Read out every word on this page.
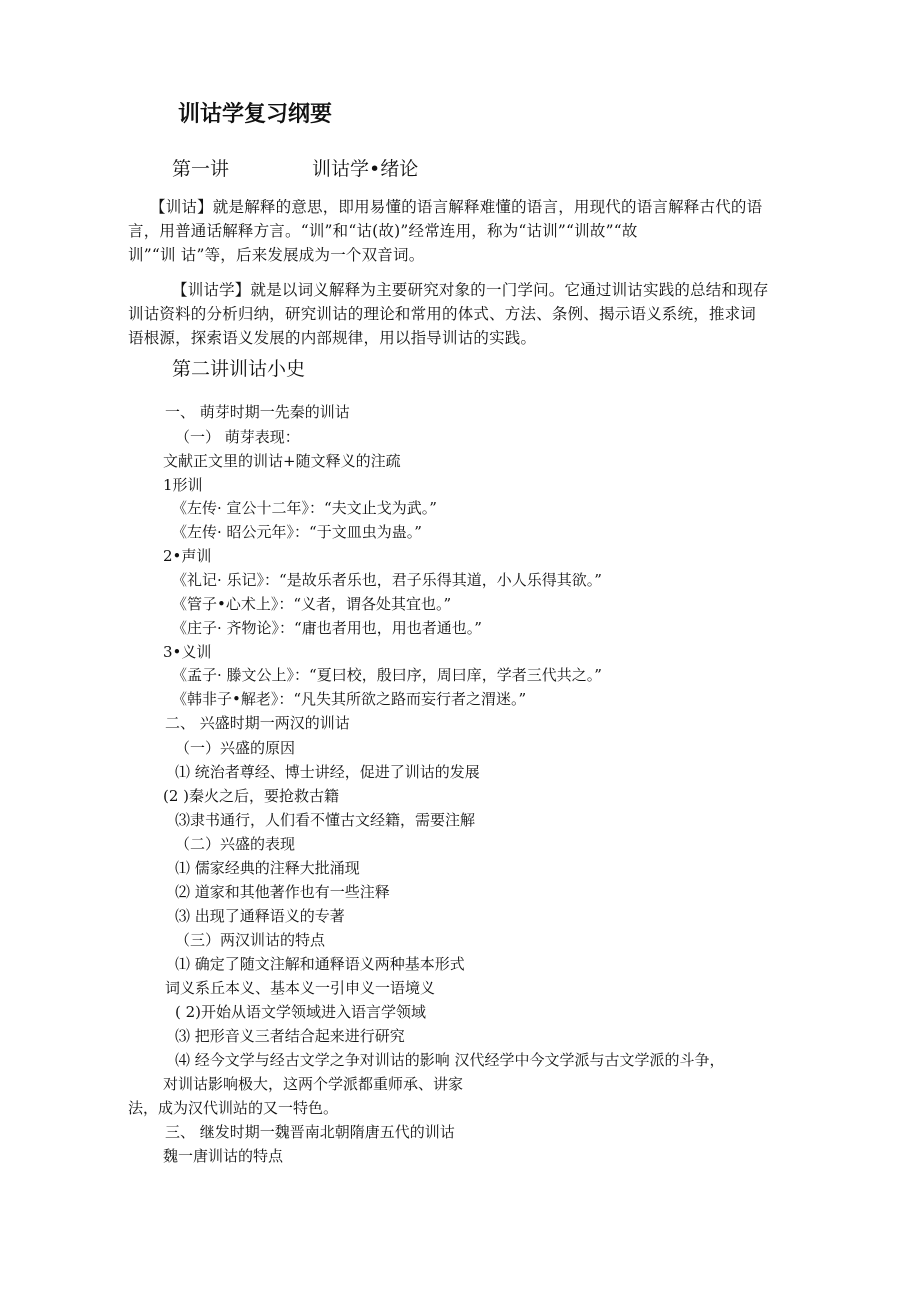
训诂学复习纲要
第一讲	训诂学•绪论
【训诂】就是解释的意思，即用易懂的语言解释难懂的语言，用现代的语言解释古代的语
言，用普通话解释方言。“训”和“诂(故)”经常连用，称为“诂训”“训故”“故
训”“训 诂”等，后来发展成为一个双音词。
【训诂学】就是以词义解释为主要研究对象的一门学问。它通过训诂实践的总结和现存
训诂资料的分析归纳，研究训诂的理论和常用的体式、方法、条例、揭示语义系统，推求词
语根源，探索语义发展的内部规律，用以指导训诂的实践。
第二讲训诂小史
一、 萌芽时期一先秦的训诂
（一） 萌芽表现：
文献正文里的训诂+随文释义的注疏
1形训
《左传· 宣公十二年》：“夫文止戈为武。”
《左传· 昭公元年》：“于文皿虫为蛊。”
2•声训
《礼记· 乐记》：“是故乐者乐也，君子乐得其道，小人乐得其欲。”
《管子•心术上》：“义者，谓各处其宜也。”
《庄子· 齐物论》：“庸也者用也，用也者通也。”
3•义训
《孟子· 滕文公上》：“夏曰校，殷曰序，周曰庠，学者三代共之。”
《韩非子•解老》：“凡失其所欲之路而妄行者之渭迷。”
二、 兴盛时期一两汉的训诂
（一）兴盛的原因
⑴ 统治者尊经、博士讲经，促进了训诂的发展
(2 )秦火之后，要抢救古籍
⑶隶书通行，人们看不懂古文经籍，需要注解
（二）兴盛的表现
⑴ 儒家经典的注释大批涌现
⑵ 道家和其他著作也有一些注释
⑶ 出现了通释语义的专著
（三）两汉训诂的特点
⑴ 确定了随文注解和通释语义两种基本形式
词义系丘本义、基本义一引申义一语境义
( 2)开始从语文学领域进入语言学领域
⑶ 把形音义三者结合起来进行研究
⑷ 经今文学与经古文学之争对训诂的影响 汉代经学中今文学派与古文学派的斗争，
对训诂影响极大，这两个学派都重师承、讲家
法，成为汉代训站的又一特色。
三、 继发时期一魏晋南北朝隋唐五代的训诂
魏一唐训诂的特点
